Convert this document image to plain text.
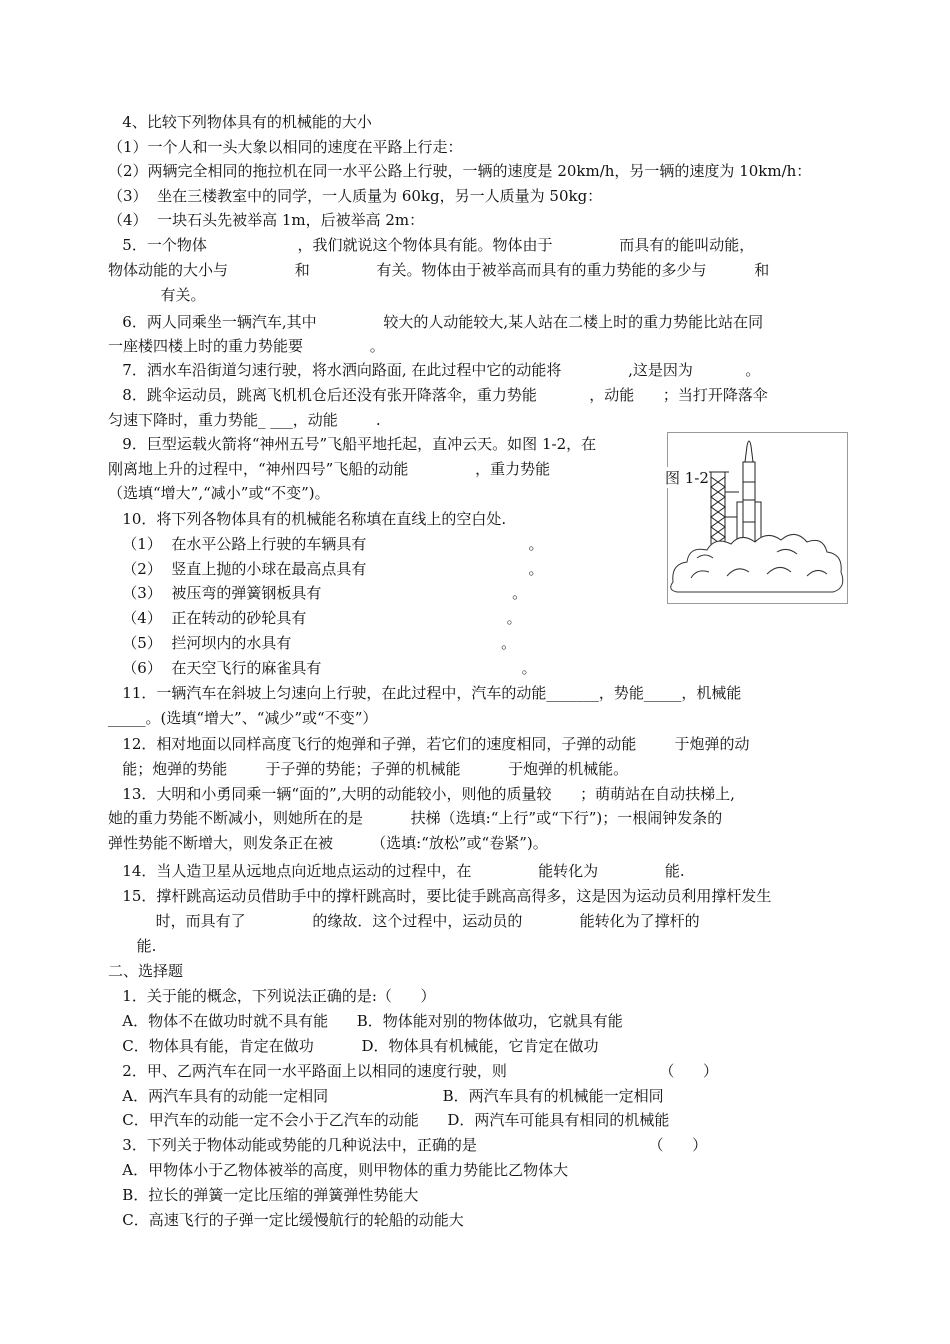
4、比较下列物体具有的机械能的大小
（1）一个人和一头大象以相同的速度在平路上行走：
（2）两辆完全相同的拖拉机在同一水平公路上行驶，一辆的速度是 20km/h，另一辆的速度为 10km/h：
（3）  坐在三楼教室中的同学，一人质量为 60kg，另一人质量为 50kg：
（4）  一块石头先被举高 1m，后被举高 2m：
5．一个物体                   ，我们就说这个物体具有能。物体由于              而具有的能叫动能，
物体动能的大小与              和              有关。物体由于被举高而具有的重力势能的多少与          和
有关。
6．两人同乘坐一辆汽车,其中              较大的人动能较大,某人站在二楼上时的重力势能比站在同
一座楼四楼上时的重力势能要              。
7．洒水车沿街道匀速行驶，将水洒向路面, 在此过程中它的动能将              ,这是因为           。
8．跳伞运动员，跳离飞机机仓后还没有张开降落伞，重力势能           ，动能      ；当打开降落伞
匀速下降时，重力势能_ ___，动能        .
9．巨型运载火箭将“神州五号”飞船平地托起，直冲云天。如图 1-2，在
刚离地上升的过程中，“神州四号”飞船的动能              ，重力势能
（选填“增大”,“减小”或“不变”)。
10．将下列各物体具有的机械能名称填在直线上的空白处.
（1）  在水平公路上行驶的车辆具有                                  。
（2）  竖直上抛的小球在最高点具有                                  。
（3）  被压弯的弹簧钢板具有                                        。
（4）  正在转动的砂轮具有                                          。
（5）  拦河坝内的水具有                                            。
（6）  在天空飞行的麻雀具有                                          。
11．一辆汽车在斜坡上匀速向上行驶，在此过程中，汽车的动能_______，势能_____，机械能
_____。(选填“增大”、“减少”或“不变”）
12．相对地面以同样高度飞行的炮弹和子弹，若它们的速度相同，子弹的动能        于炮弹的动
能；炮弹的势能        于子弹的势能；子弹的机械能          于炮弹的机械能。
13．大明和小勇同乘一辆“面的”,大明的动能较小，则他的质量较      ；萌萌站在自动扶梯上,
她的重力势能不断减小，则她所在的是          扶梯（选填:“上行”或“下行”)；一根闹钟发条的
弹性势能不断增大，则发条正在被        （选填:“放松”或“卷紧”)。
14．当人造卫星从远地点向近地点运动的过程中，在              能转化为              能.
15．撑杆跳高运动员借助手中的撑杆跳高时，要比徒手跳高高得多，这是因为运动员利用撑杆发生
时，而具有了              的缘故．这个过程中，运动员的            能转化为了撑杆的
能.
二、选择题
1．关于能的概念，下列说法正确的是:（      ）
A．物体不在做功时就不具有能      B．物体能对别的物体做功，它就具有能
C．物体具有能，肯定在做功          D．物体具有机械能，它肯定在做功
2．甲、乙两汽车在同一水平路面上以相同的速度行驶，则                                （      ）
A．两汽车具有的动能一定相同                        B．两汽车具有的机械能一定相同
C．甲汽车的动能一定不会小于乙汽车的动能      D．两汽车可能具有相同的机械能
3．下列关于物体动能或势能的几种说法中，正确的是                                    （      ）
A．甲物体小于乙物体被举的高度，则甲物体的重力势能比乙物体大
B．拉长的弹簧一定比压缩的弹簧弹性势能大
C．高速飞行的子弹一定比缓慢航行的轮船的动能大
图 1-2
